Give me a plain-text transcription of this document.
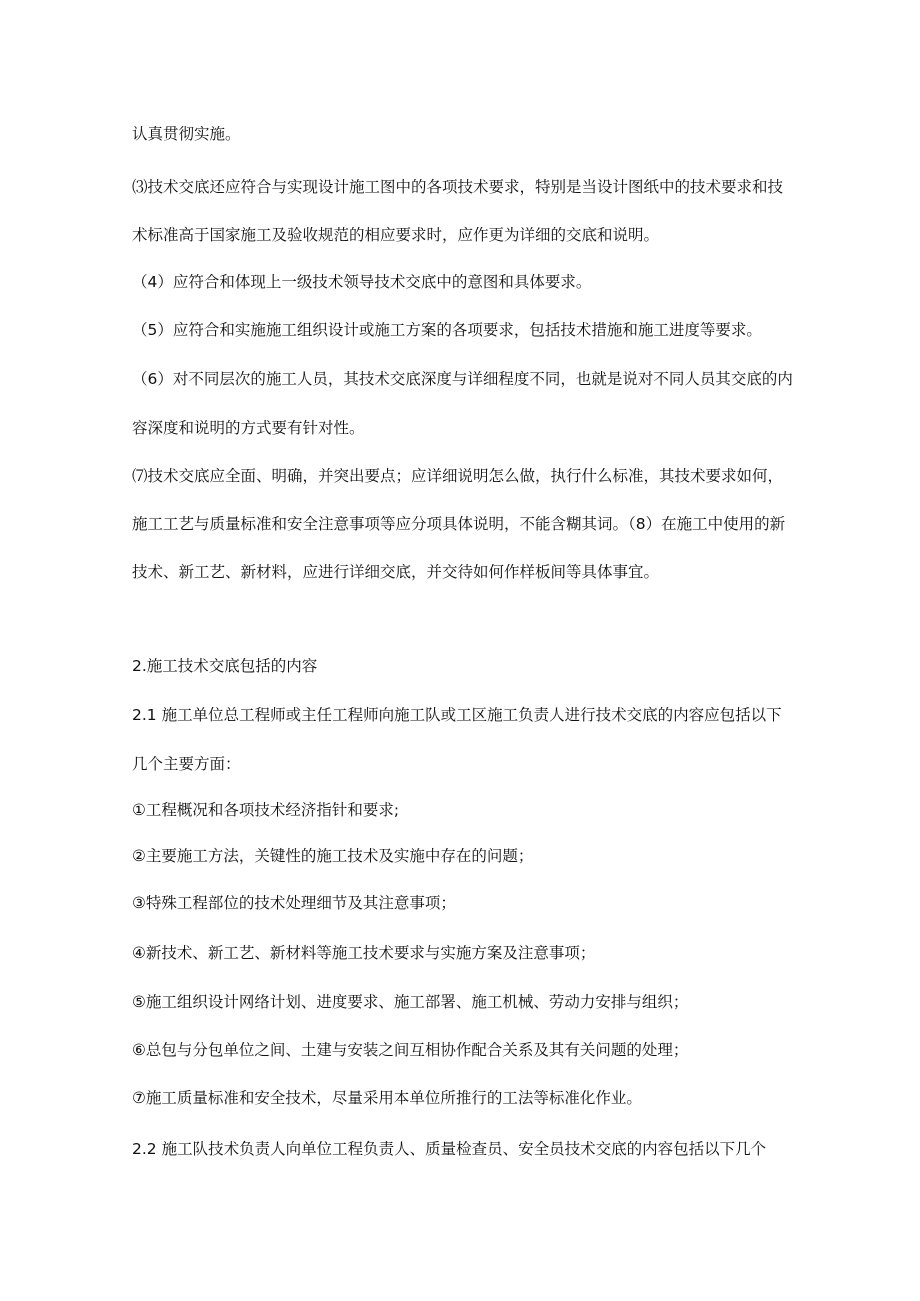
认真贯彻实施。
⑶技术交底还应符合与实现设计施工图中的各项技术要求，特别是当设计图纸中的技术要求和技
术标准高于国家施工及验收规范的相应要求时，应作更为详细的交底和说明。
（4）应符合和体现上一级技术领导技术交底中的意图和具体要求。
（5）应符合和实施施工组织设计或施工方案的各项要求，包括技术措施和施工进度等要求。
（6）对不同层次的施工人员，其技术交底深度与详细程度不同，也就是说对不同人员其交底的内
容深度和说明的方式要有针对性。
⑺技术交底应全面、明确，并突出要点；应详细说明怎么做，执行什么标准，其技术要求如何，
施工工艺与质量标准和安全注意事项等应分项具体说明，不能含糊其词。（8）在施工中使用的新
技术、新工艺、新材料，应进行详细交底，并交待如何作样板间等具体事宜。
2.施工技术交底包括的内容
2.1 施工单位总工程师或主任工程师向施工队或工区施工负责人进行技术交底的内容应包括以下
几个主要方面：
①工程概况和各项技术经济指针和要求;
②主要施工方法，关键性的施工技术及实施中存在的问题；
③特殊工程部位的技术处理细节及其注意事项；
④新技术、新工艺、新材料等施工技术要求与实施方案及注意事项；
⑤施工组织设计网络计划、进度要求、施工部署、施工机械、劳动力安排与组织；
⑥总包与分包单位之间、土建与安装之间互相协作配合关系及其有关问题的处理；
⑦施工质量标准和安全技术，尽量采用本单位所推行的工法等标准化作业。
2.2 施工队技术负责人向单位工程负责人、质量检查员、安全员技术交底的内容包括以下几个
